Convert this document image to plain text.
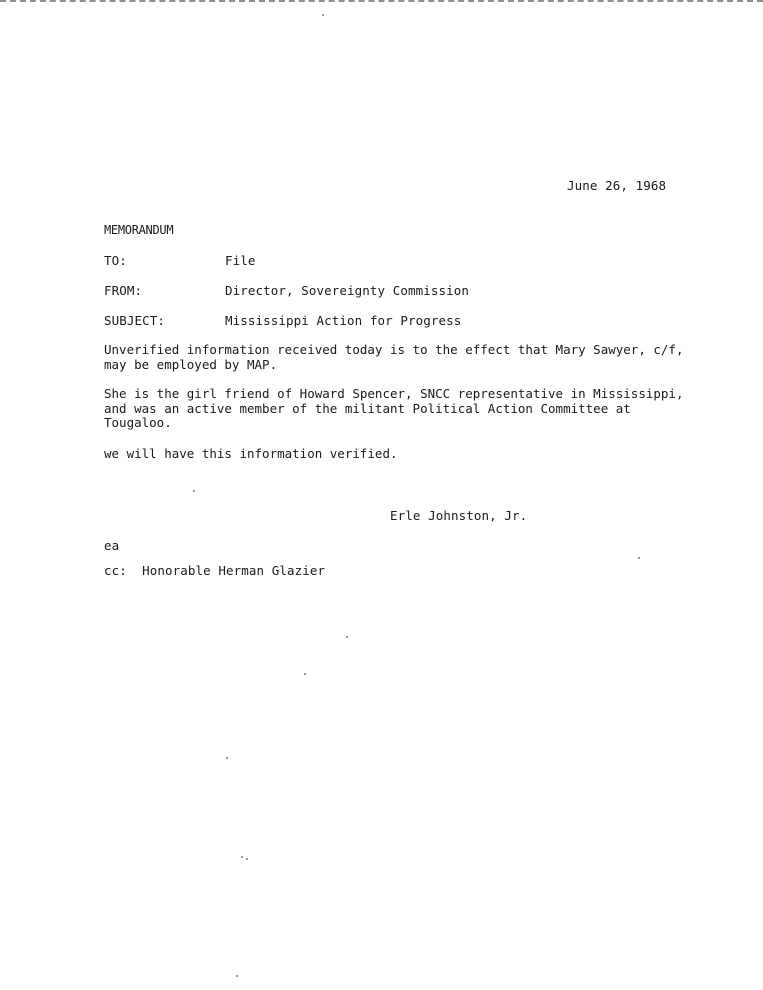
June 26, 1968
MEMORANDUM
TO:	File
FROM:	Director, Sovereignty Commission
SUBJECT:	Mississippi Action for Progress
Unverified information received today is to the effect that Mary Sawyer, c/f,
may be employed by MAP.
She is the girl friend of Howard Spencer, SNCC representative in Mississippi,
and was an active member of the militant Political Action Committee at
Tougaloo.
we will have this information verified.
Erle Johnston, Jr.
ea
cc:  Honorable Herman Glazier
